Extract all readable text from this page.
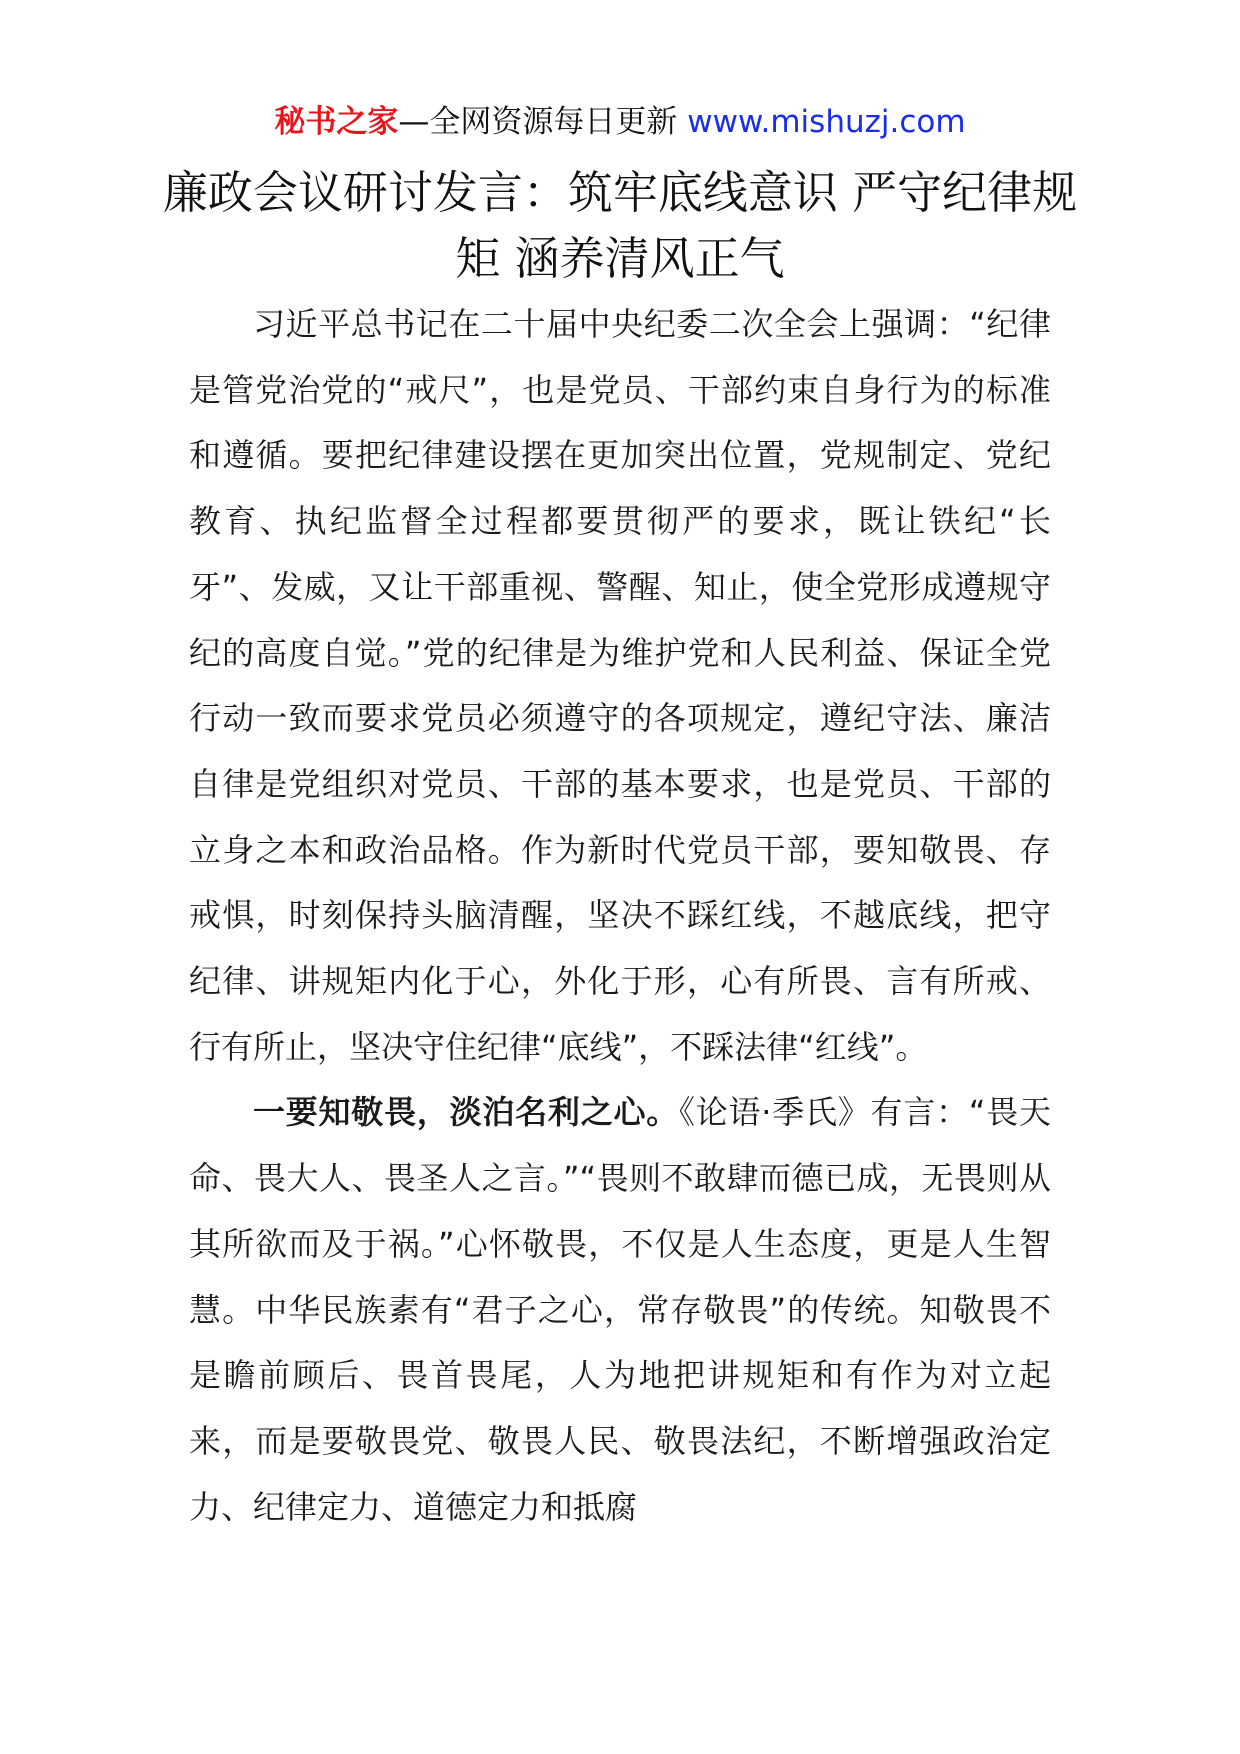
秘书之家—全网资源每日更新 www.mishuzj.com
廉政会议研讨发言：筑牢底线意识 严守纪律规矩 涵养清风正气

习近平总书记在二十届中央纪委二次全会上强调：“纪律是管党治党的“戒尺”，也是党员、干部约束自身行为的标准和遵循。要把纪律建设摆在更加突出位置，党规制定、党纪教育、执纪监督全过程都要贯彻严的要求，既让铁纪“长牙”、发威，又让干部重视、警醒、知止，使全党形成遵规守纪的高度自觉。”党的纪律是为维护党和人民利益、保证全党行动一致而要求党员必须遵守的各项规定，遵纪守法、廉洁自律是党组织对党员、干部的基本要求，也是党员、干部的立身之本和政治品格。作为新时代党员干部，要知敬畏、存戒惧，时刻保持头脑清醒，坚决不踩红线，不越底线，把守纪律、讲规矩内化于心，外化于形，心有所畏、言有所戒、行有所止，坚决守住纪律“底线”，不踩法律“红线”。

一要知敬畏，淡泊名利之心。《论语·季氏》有言：“畏天命、畏大人、畏圣人之言。”“畏则不敢肆而德已成，无畏则从其所欲而及于祸。”心怀敬畏，不仅是人生态度，更是人生智慧。中华民族素有“君子之心，常存敬畏”的传统。知敬畏不是瞻前顾后、畏首畏尾，人为地把讲规矩和有作为对立起来，而是要敬畏党、敬畏人民、敬畏法纪，不断增强政治定力、纪律定力、道德定力和抵腐
